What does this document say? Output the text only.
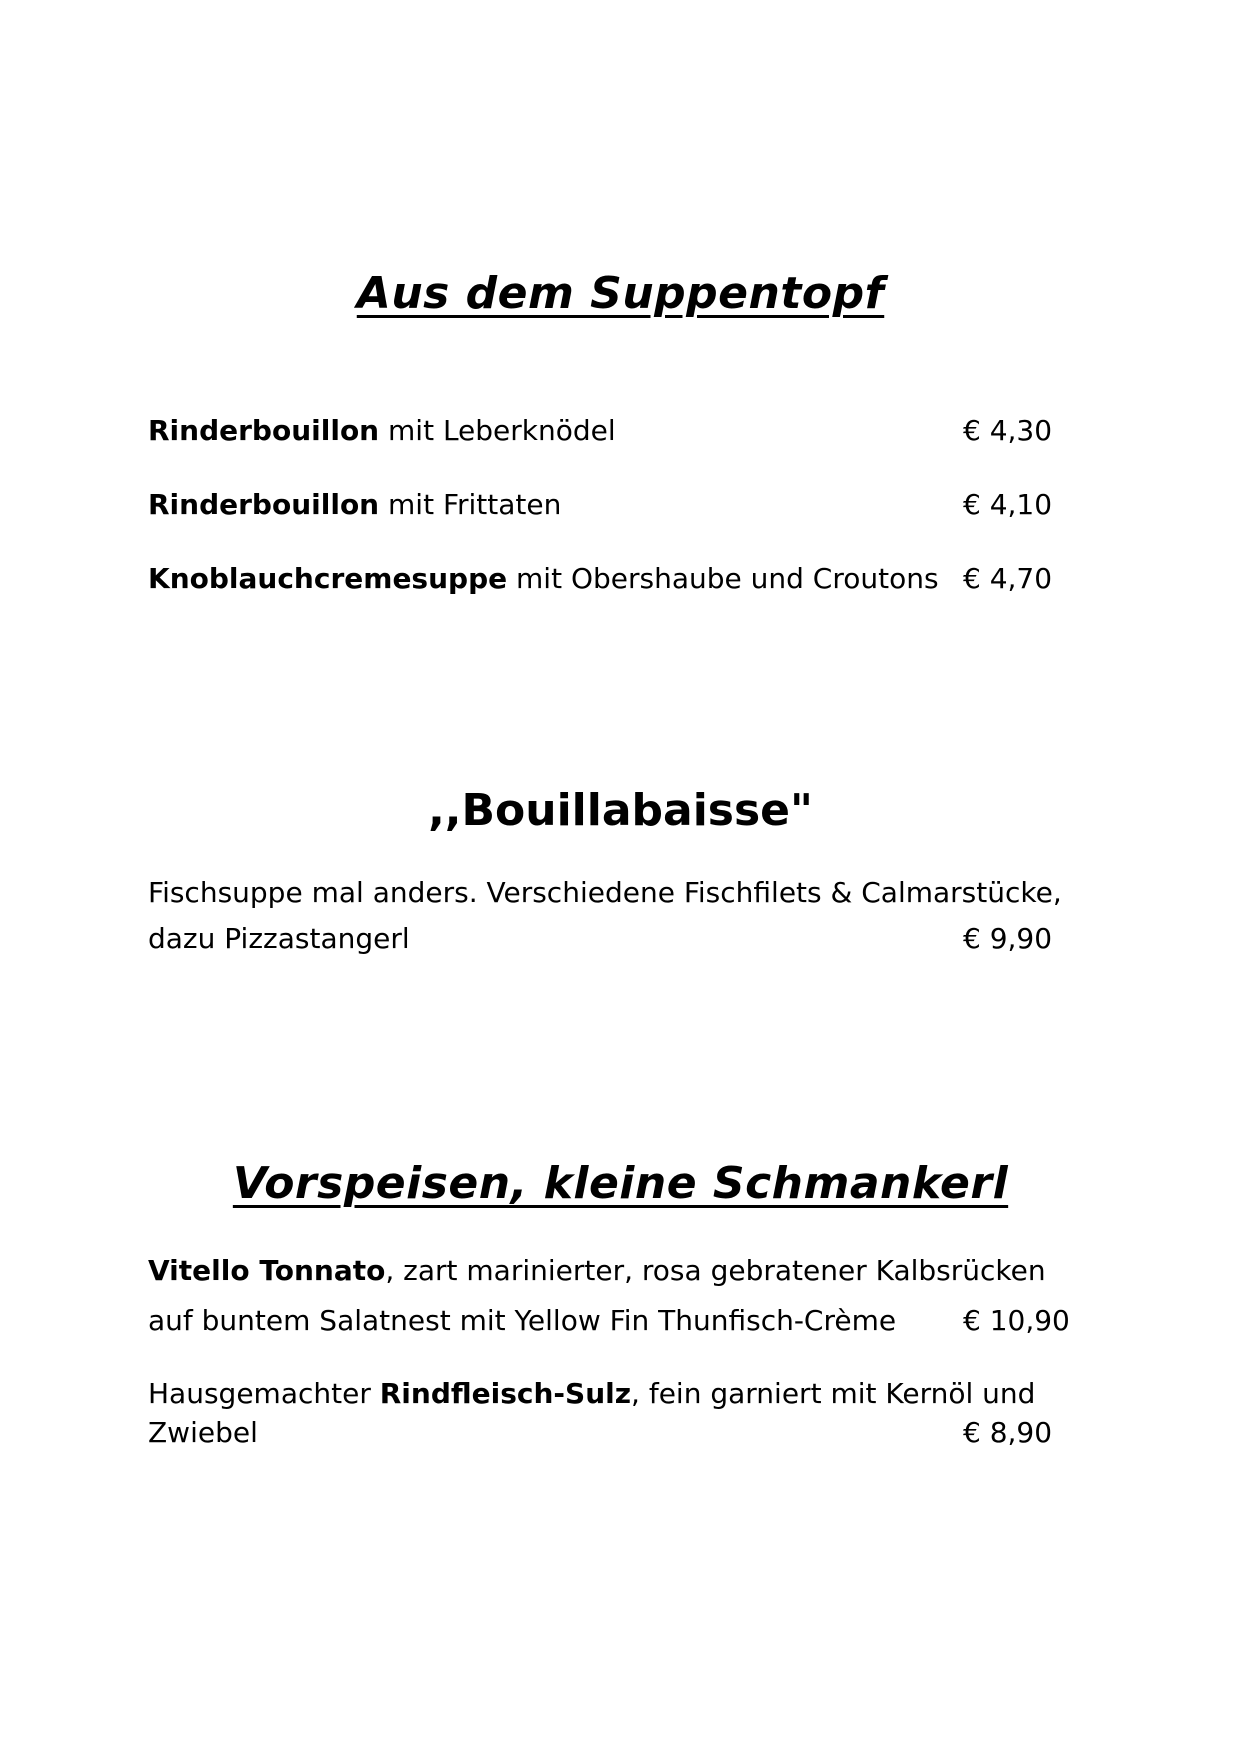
Aus dem Suppentopf
Rinderbouillon mit Leberknödel	€ 4,30
Rinderbouillon mit Frittaten	€ 4,10
Knoblauchcremesuppe mit Obershaube und Croutons € 4,70
,,Bouillabaisse"
Fischsuppe mal anders. Verschiedene Fischfilets & Calmarstücke,
dazu Pizzastangerl	€ 9,90
Vorspeisen, kleine Schmankerl
Vitello Tonnato, zart marinierter, rosa gebratener Kalbsrücken
auf buntem Salatnest mit Yellow Fin Thunfisch-Crème € 10,90
Hausgemachter Rindfleisch-Sulz, fein garniert mit Kernöl und
Zwiebel	€ 8,90
